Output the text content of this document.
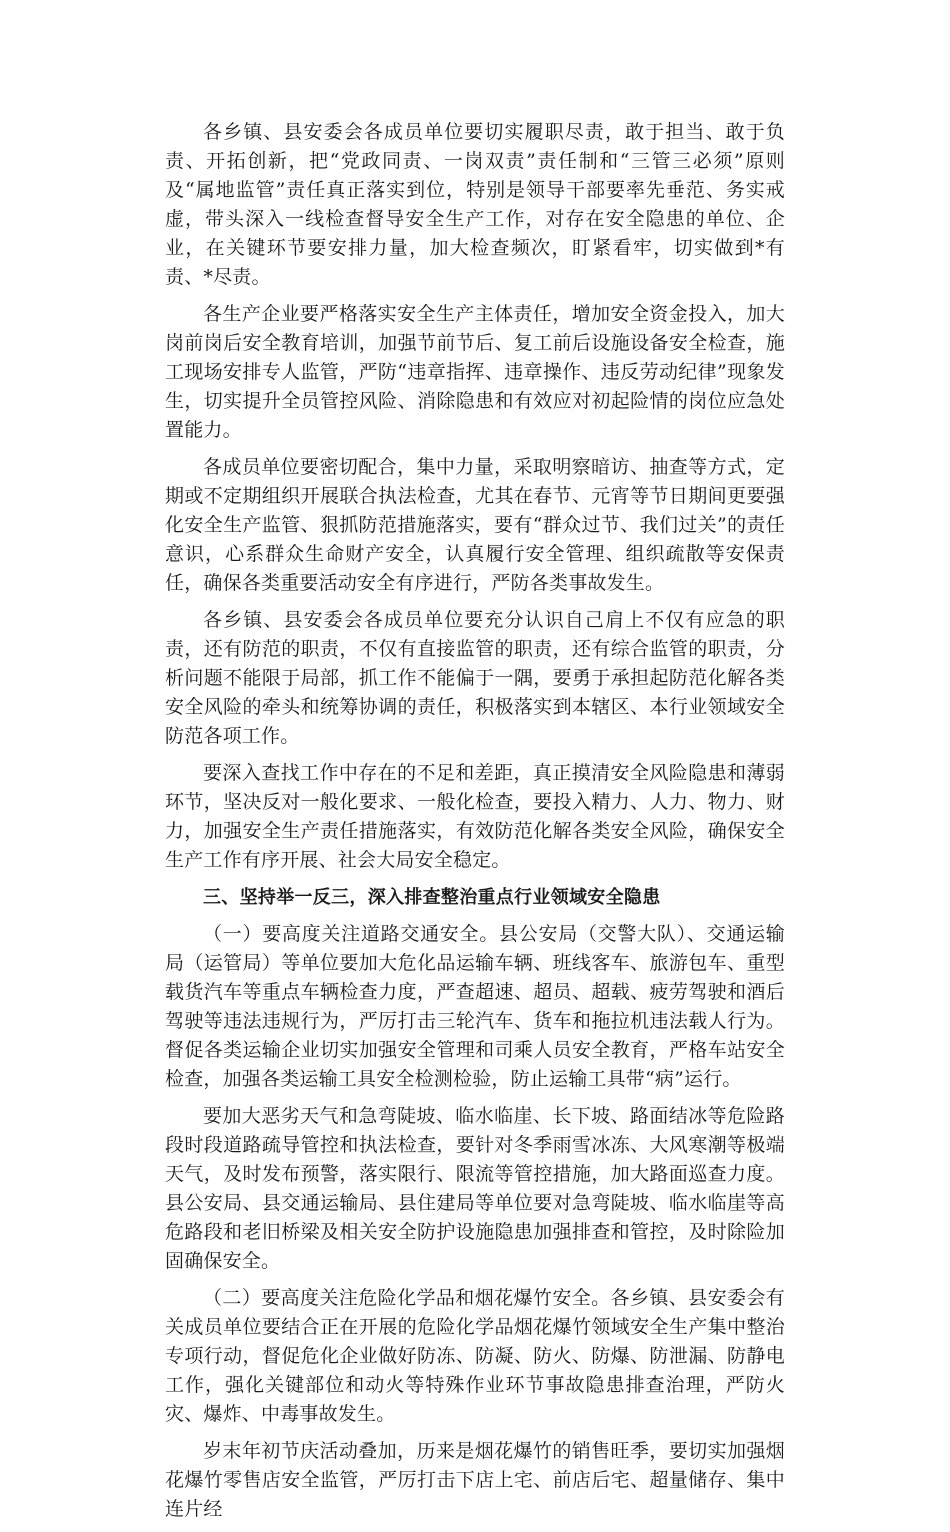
各乡镇、县安委会各成员单位要切实履职尽责，敢于担当、敢于负责、开拓创新，把“党政同责、一岗双责”责任制和“三管三必须”原则及“属地监管”责任真正落实到位，特别是领导干部要率先垂范、务实戒虚，带头深入一线检查督导安全生产工作，对存在安全隐患的单位、企业，在关键环节要安排力量，加大检查频次，盯紧看牢，切实做到*有责、*尽责。

各生产企业要严格落实安全生产主体责任，增加安全资金投入，加大岗前岗后安全教育培训，加强节前节后、复工前后设施设备安全检查，施工现场安排专人监管，严防“违章指挥、违章操作、违反劳动纪律”现象发生，切实提升全员管控风险、消除隐患和有效应对初起险情的岗位应急处置能力。

各成员单位要密切配合，集中力量，采取明察暗访、抽查等方式，定期或不定期组织开展联合执法检查，尤其在春节、元宵等节日期间更要强化安全生产监管、狠抓防范措施落实，要有“群众过节、我们过关”的责任意识，心系群众生命财产安全，认真履行安全管理、组织疏散等安保责任，确保各类重要活动安全有序进行，严防各类事故发生。

各乡镇、县安委会各成员单位要充分认识自己肩上不仅有应急的职责，还有防范的职责，不仅有直接监管的职责，还有综合监管的职责，分析问题不能限于局部，抓工作不能偏于一隅，要勇于承担起防范化解各类安全风险的牵头和统筹协调的责任，积极落实到本辖区、本行业领域安全防范各项工作。

要深入查找工作中存在的不足和差距，真正摸清安全风险隐患和薄弱环节，坚决反对一般化要求、一般化检查，要投入精力、人力、物力、财力，加强安全生产责任措施落实，有效防范化解各类安全风险，确保安全生产工作有序开展、社会大局安全稳定。

三、坚持举一反三，深入排查整治重点行业领域安全隐患

（一）要高度关注道路交通安全。县公安局（交警大队）、交通运输局（运管局）等单位要加大危化品运输车辆、班线客车、旅游包车、重型载货汽车等重点车辆检查力度，严查超速、超员、超载、疲劳驾驶和酒后驾驶等违法违规行为，严厉打击三轮汽车、货车和拖拉机违法载人行为。督促各类运输企业切实加强安全管理和司乘人员安全教育，严格车站安全检查，加强各类运输工具安全检测检验，防止运输工具带“病”运行。

要加大恶劣天气和急弯陡坡、临水临崖、长下坡、路面结冰等危险路段时段道路疏导管控和执法检查，要针对冬季雨雪冰冻、大风寒潮等极端天气，及时发布预警，落实限行、限流等管控措施，加大路面巡查力度。县公安局、县交通运输局、县住建局等单位要对急弯陡坡、临水临崖等高危路段和老旧桥梁及相关安全防护设施隐患加强排查和管控，及时除险加固确保安全。

（二）要高度关注危险化学品和烟花爆竹安全。各乡镇、县安委会有关成员单位要结合正在开展的危险化学品烟花爆竹领域安全生产集中整治专项行动，督促危化企业做好防冻、防凝、防火、防爆、防泄漏、防静电工作，强化关键部位和动火等特殊作业环节事故隐患排查治理，严防火灾、爆炸、中毒事故发生。

岁末年初节庆活动叠加，历来是烟花爆竹的销售旺季，要切实加强烟花爆竹零售店安全监管，严厉打击下店上宅、前店后宅、超量储存、集中连片经
